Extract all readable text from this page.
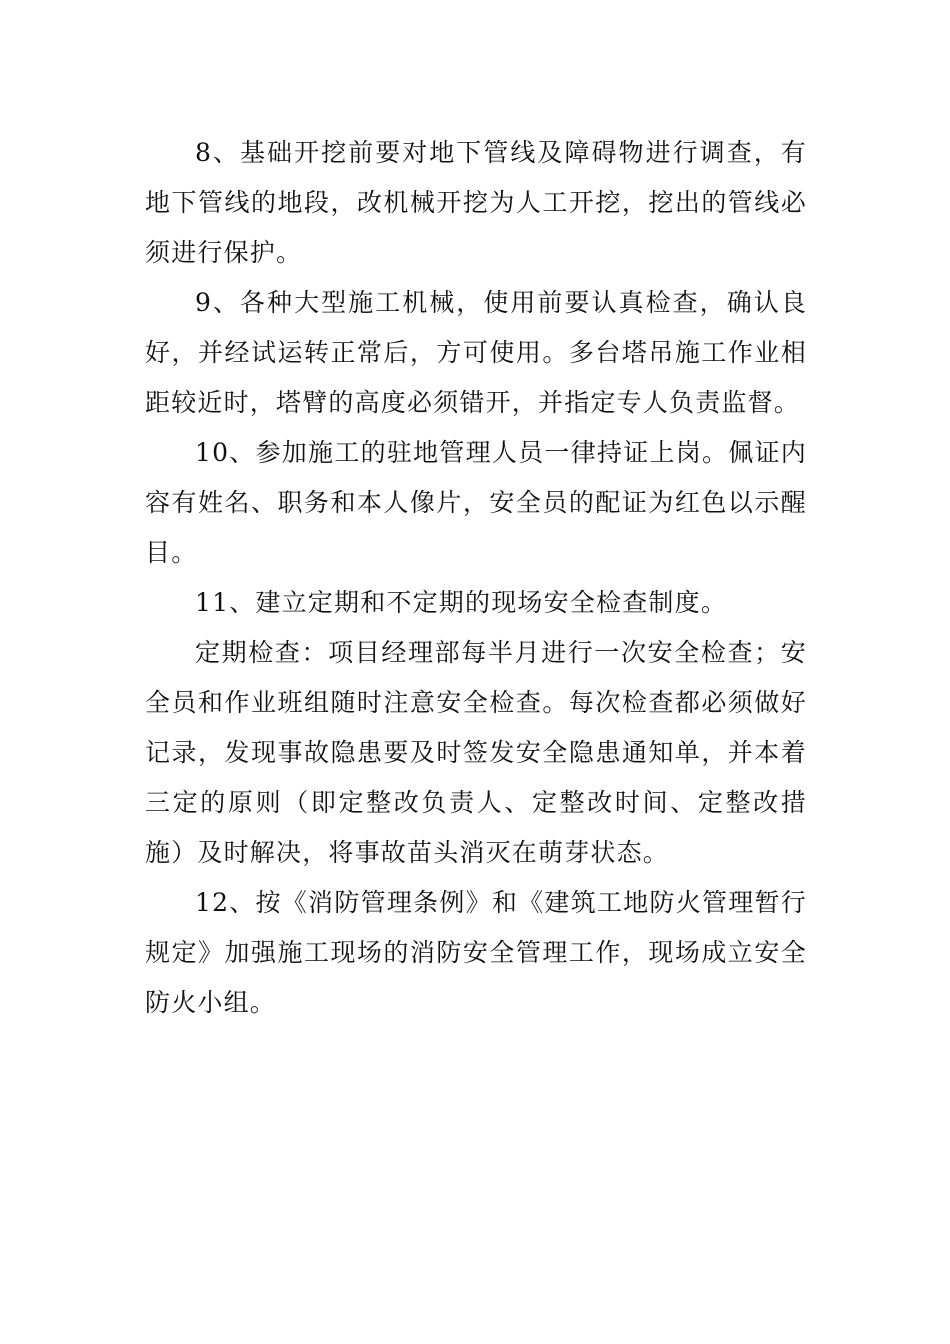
8、基础开挖前要对地下管线及障碍物进行调查，有地下管线的地段，改机械开挖为人工开挖，挖出的管线必须进行保护。

9、各种大型施工机械，使用前要认真检查，确认良好，并经试运转正常后，方可使用。多台塔吊施工作业相距较近时，塔臂的高度必须错开，并指定专人负责监督。

10、参加施工的驻地管理人员一律持证上岗。佩证内容有姓名、职务和本人像片，安全员的配证为红色以示醒目。

11、建立定期和不定期的现场安全检查制度。

定期检查：项目经理部每半月进行一次安全检查；安全员和作业班组随时注意安全检查。每次检查都必须做好记录，发现事故隐患要及时签发安全隐患通知单，并本着三定的原则（即定整改负责人、定整改时间、定整改措施）及时解决，将事故苗头消灭在萌芽状态。

12、按《消防管理条例》和《建筑工地防火管理暂行规定》加强施工现场的消防安全管理工作，现场成立安全防火小组。
